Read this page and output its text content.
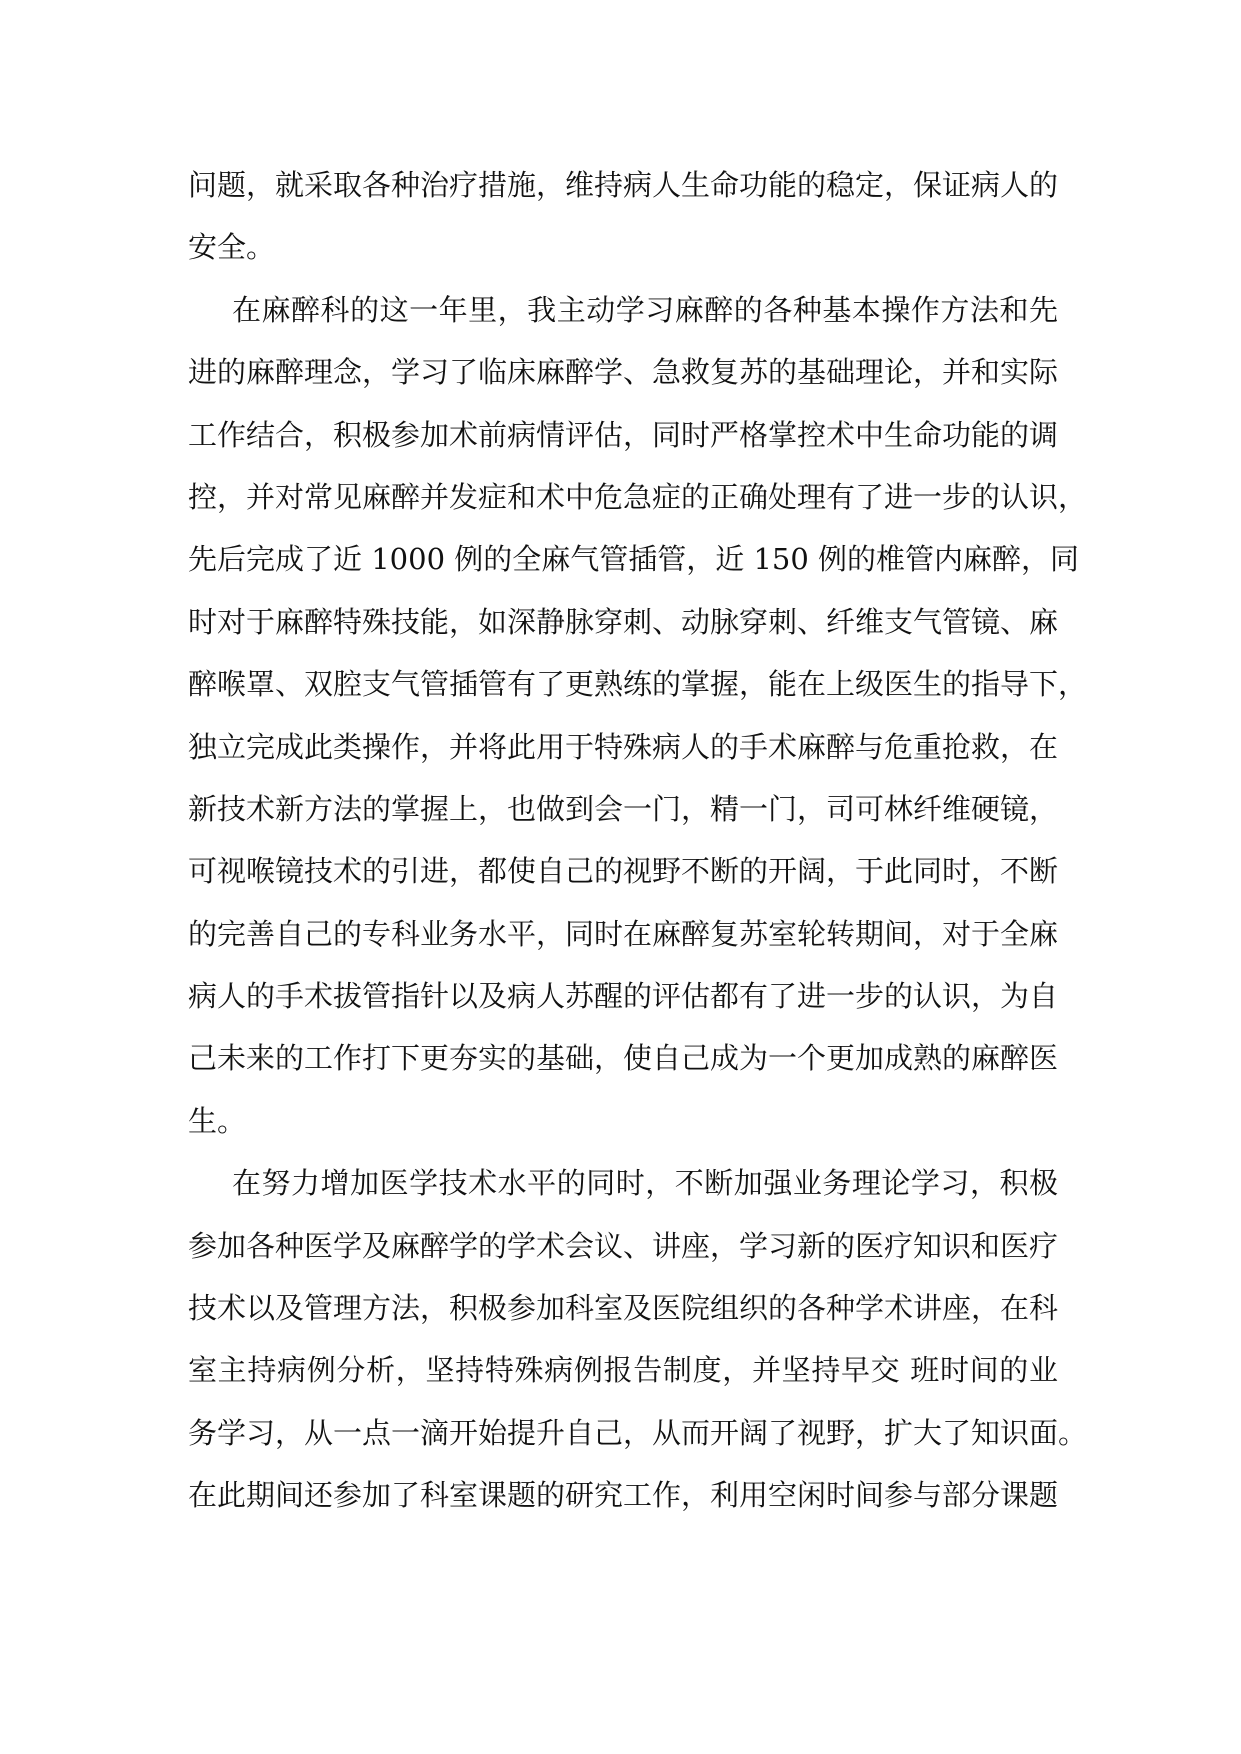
问题，就采取各种治疗措施，维持病人生命功能的稳定，保证病人的
安全。
在麻醉科的这一年里，我主动学习麻醉的各种基本操作方法和先
进的麻醉理念，学习了临床麻醉学、急救复苏的基础理论，并和实际
工作结合，积极参加术前病情评估，同时严格掌控术中生命功能的调
控，并对常见麻醉并发症和术中危急症的正确处理有了进一步的认识，
先后完成了近 1000 例的全麻气管插管，近 150 例的椎管内麻醉，同
时对于麻醉特殊技能，如深静脉穿刺、动脉穿刺、纤维支气管镜、麻
醉喉罩、双腔支气管插管有了更熟练的掌握，能在上级医生的指导下，
独立完成此类操作，并将此用于特殊病人的手术麻醉与危重抢救，在
新技术新方法的掌握上，也做到会一门，精一门，司可林纤维硬镜，
可视喉镜技术的引进，都使自己的视野不断的开阔，于此同时，不断
的完善自己的专科业务水平，同时在麻醉复苏室轮转期间，对于全麻
病人的手术拔管指针以及病人苏醒的评估都有了进一步的认识，为自
己未来的工作打下更夯实的基础，使自己成为一个更加成熟的麻醉医
生。
在努力增加医学技术水平的同时，不断加强业务理论学习，积极
参加各种医学及麻醉学的学术会议、讲座，学习新的医疗知识和医疗
技术以及管理方法，积极参加科室及医院组织的各种学术讲座，在科
室主持病例分析，坚持特殊病例报告制度，并坚持早交 班时间的业
务学习，从一点一滴开始提升自己，从而开阔了视野，扩大了知识面。
在此期间还参加了科室课题的研究工作，利用空闲时间参与部分课题
